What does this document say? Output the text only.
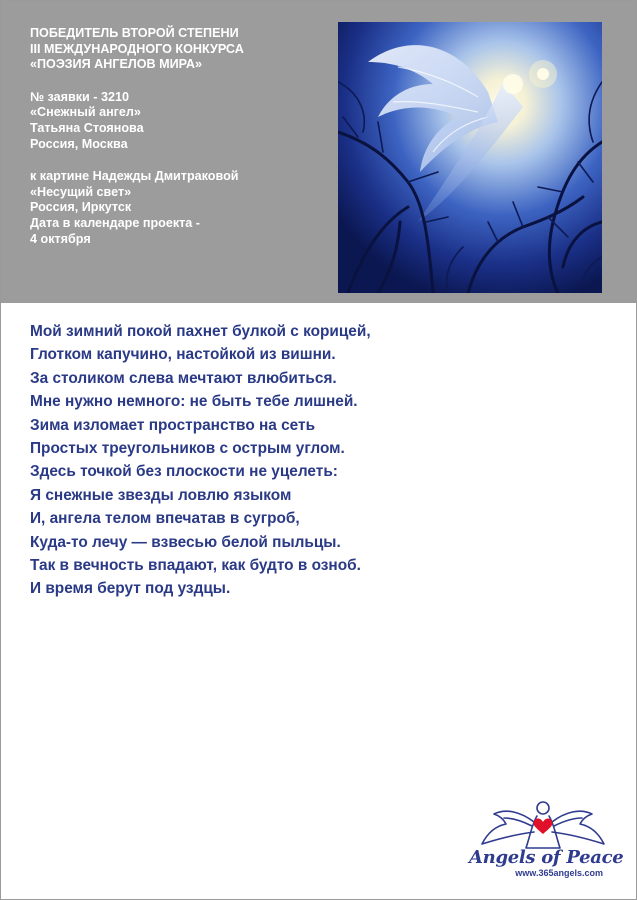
ПОБЕДИТЕЛЬ ВТОРОЙ СТЕПЕНИ
III МЕЖДУНАРОДНОГО КОНКУРСА
«ПОЭЗИЯ АНГЕЛОВ МИРА»
№ заявки - 3210
«Снежный ангел»
Татьяна Стоянова
Россия, Москва
к картине Надежды Дмитраковой
«Несущий свет»
Россия, Иркутск
Дата в календаре проекта -
4 октября
Мой зимний покой пахнет булкой с корицей,
Глотком капучино, настойкой из вишни.
За столиком слева мечтают влюбиться.
Мне нужно немного: не быть тебе лишней.
Зима изломает пространство на сеть
Простых треугольников с острым углом.
Здесь точкой без плоскости не уцелеть:
Я снежные звезды ловлю языком
И, ангела телом впечатав в сугроб,
Куда-то лечу — взвесью белой пыльцы.
Так в вечность впадают, как будто в озноб.
И время берут под уздцы.
Angels of Peace
www.365angels.com
